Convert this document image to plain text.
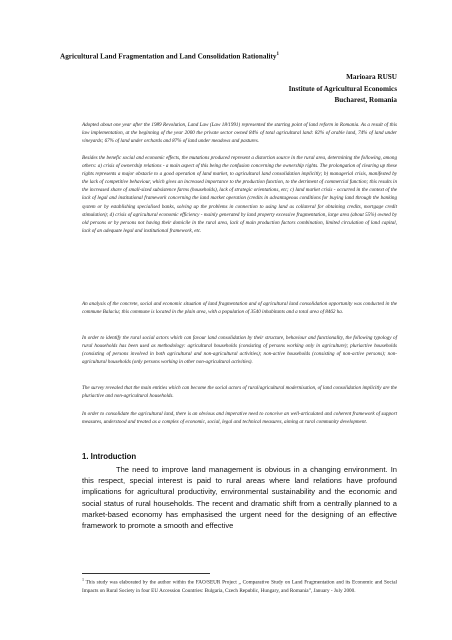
Agricultural Land Fragmentation and Land Consolidation Rationality$^1$
Marioara RUSU
Institute of Agricultural Economics
Bucharest, Romania

Adopted about one year after the 1989 Revolution, Land Law (Law 18/1991) represented the starting point of land reform in Romania. As a result of this law implementation, at the beginning of the year 2000 the private sector owned 84% of total agricultural land: 82% of arable land, 74% of land under vineyards; 67% of land under orchards and 87% of land under meadows and pastures.

Besides the benefic social and economic effects, the mutations produced represent a distortion source in the rural area, determining the following, among others: a) crisis of ownership relations - a main aspect of this being the confusion concerning the ownership rights. The prolongation of clearing up these rights represents a major obstacle to a good operation of land market, to agricultural land consolidation implicitly; b) managerial crisis, manifested by the lack of competitive behaviour, which gives an increased importance to the production function, to the detriment of commercial function; this results in the increased share of small-sized subsistence farms (households), lack of strategic orientations, etc; c) land market crisis - occurred in the context of the lack of legal and institutional framework concerning the land market operation (credits in advantageous conditions for buying land through the banking system or by establishing specialised banks, solving up the problems in connection to using land as collateral for obtaining credits, mortgage credit stimulation); d) crisis of agricultural economic efficiency - mainly generated by land property excessive fragmentation, large area (about 55%) owned by old persons or by persons not having their domicile in the rural area, lack of main production factors combination, limited circulation of land capital, lack of an adequate legal and institutional framework, etc.

An analysis of the concrete, social and economic situation of land fragmentation and of agricultural land consolidation opportunity was conducted in the commune Balaciu; this commune is located in the plain area, with a population of 3540 inhabitants and a total area of 8462 ha.

In order to identify the rural social actors which can favour land consolidation by their structure, behaviour and functionality, the following typology of rural households has been used as methodology: agricultural households (consisting of persons working only in agriculture); pluriactive households (consisting of persons involved in both agricultural and non-agricultural activities); non-active households (consisting of non-active persons); non-agricultural households (only persons working in other non-agricultural activities).

The survey revealed that the main entities which can become the social actors of rural/agricultural modernisation, of land consolidation implicitly are the pluriactive and non-agricultural households.

In order to consolidate the agricultural land, there is an obvious and imperative need to conceive an well-articulated and coherent framework of support measures, understood and treated as a complex of economic, social, legal and technical measures, aiming at rural community development.

1. Introduction

The need to improve land management is obvious in a changing environment. In this respect, special interest is paid to rural areas where land relations have profound implications for agricultural productivity, environmental sustainability and the economic and social status of rural households. The recent and dramatic shift from a centrally planned to a market-based economy has emphasised the urgent need for the designing of an effective framework to promote a smooth and effective

$^1$ This study was elaborated by the author within the FAO/SEUR Project „ Comparative Study on Land Fragmentation and its Economic and Social Impacts on Rural Society in four EU Accession Countries: Bulgaria, Czech Republic, Hungary, and Romania”, January - July 2000.
